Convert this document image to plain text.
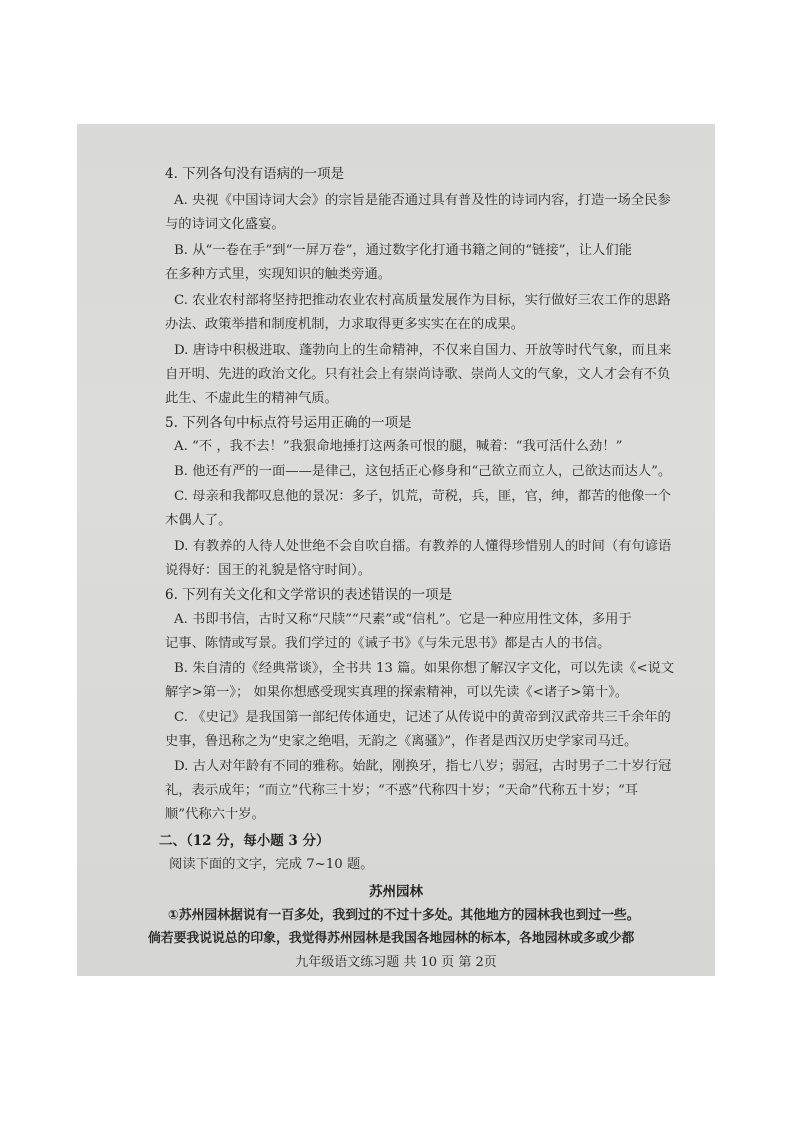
4. 下列各句没有语病的一项是
A. 央视《中国诗词大会》的宗旨是能否通过具有普及性的诗词内容，打造一场全民参
与的诗词文化盛宴。
B. 从“一卷在手”到“一屏万卷”，通过数字化打通书籍之间的“链接”，让人们能
在多种方式里，实现知识的触类旁通。
C. 农业农村部将坚持把推动农业农村高质量发展作为目标，实行做好三农工作的思路
办法、政策举措和制度机制，力求取得更多实实在在的成果。
D. 唐诗中积极进取、蓬勃向上的生命精神，不仅来自国力、开放等时代气象，而且来
自开明、先进的政治文化。只有社会上有崇尚诗歌、崇尚人文的气象，文人才会有不负
此生、不虚此生的精神气质。
5. 下列各句中标点符号运用正确的一项是
A. “不 ，我不去！”我狠命地捶打这两条可恨的腿，喊着：“我可活什么劲！”
B. 他还有严的一面——是律己，这包括正心修身和“己欲立而立人，己欲达而达人”。
C. 母亲和我都叹息他的景况：多子，饥荒，苛税，兵，匪，官，绅，都苦的他像一个
木偶人了。
D. 有教养的人待人处世绝不会自吹自擂。有教养的人懂得珍惜别人的时间（有句谚语
说得好：国王的礼貌是恪守时间）。
6. 下列有关文化和文学常识的表述错误的一项是
A. 书即书信，古时又称“尺牍”“尺素”或“信札”。它是一种应用性文体，多用于
记事、陈情或写景。我们学过的《诫子书》《与朱元思书》都是古人的书信。
B. 朱自清的《经典常谈》，全书共 13 篇。如果你想了解汉字文化，可以先读《<说文
解字>第一》； 如果你想感受现实真理的探索精神，可以先读《<诸子>第十》。
C. 《史记》是我国第一部纪传体通史，记述了从传说中的黄帝到汉武帝共三千余年的
史事，鲁迅称之为“史家之绝唱，无韵之《离骚》”，作者是西汉历史学家司马迁。
D. 古人对年龄有不同的雅称。始龀，刚换牙，指七八岁；弱冠，古时男子二十岁行冠
礼，表示成年；“而立”代称三十岁；“不惑”代称四十岁；“天命”代称五十岁；“耳
顺”代称六十岁。
二、（12 分，每小题 3 分）
阅读下面的文字，完成 7~10 题。
苏州园林
①苏州园林据说有一百多处，我到过的不过十多处。其他地方的园林我也到过一些。
倘若要我说说总的印象，我觉得苏州园林是我国各地园林的标本，各地园林或多或少都
九年级语文练习题 共 10 页 第 2页
